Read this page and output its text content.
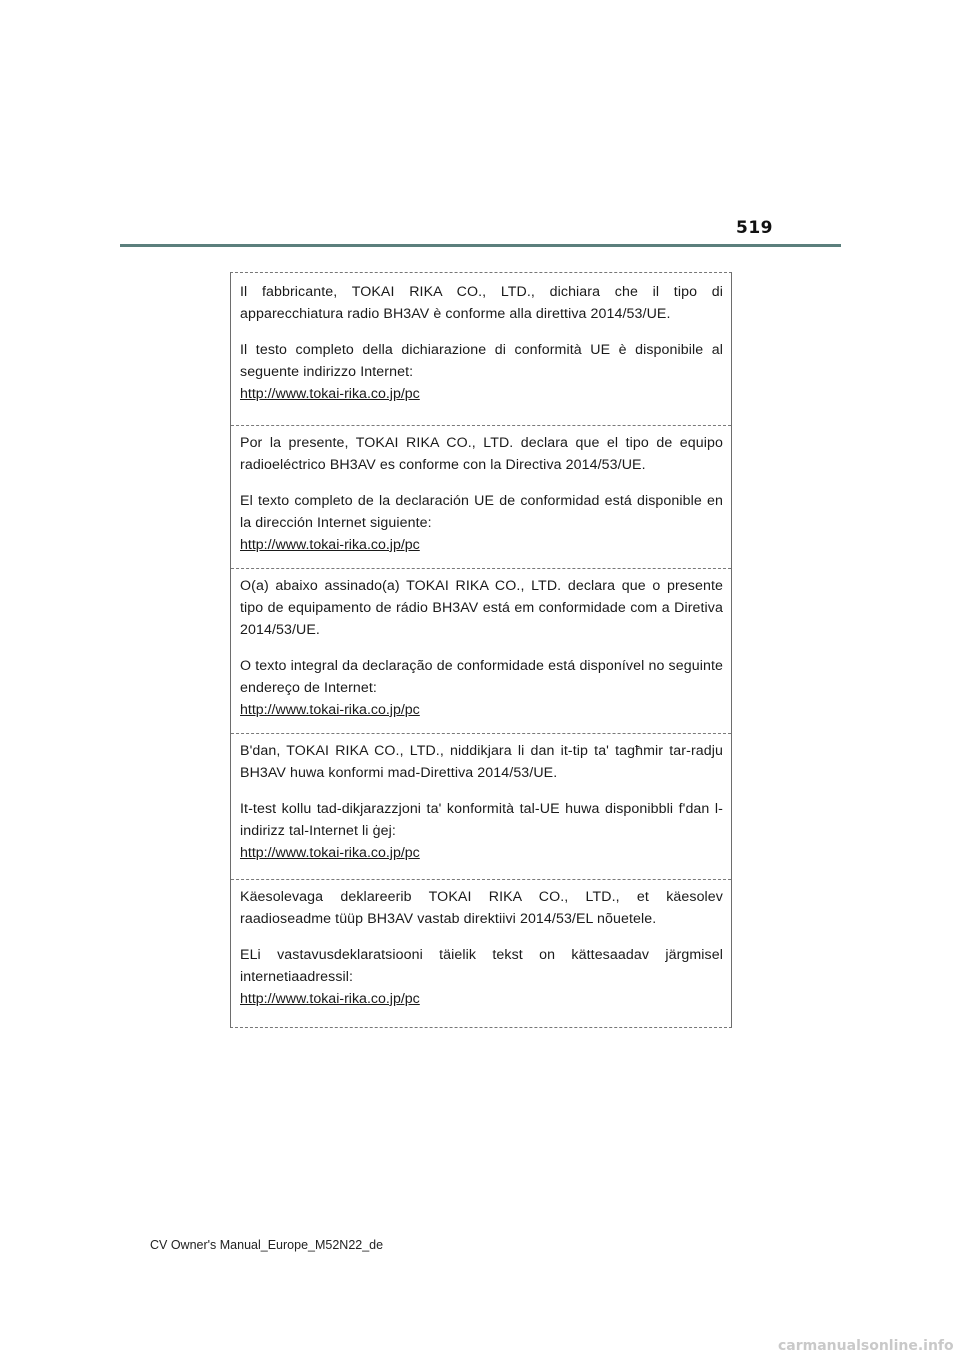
519

Il fabbricante, TOKAI RIKA CO., LTD., dichiara che il tipo di apparecchiatura radio BH3AV è conforme alla direttiva 2014/53/UE.

Il testo completo della dichiarazione di conformità UE è disponibile al seguente indirizzo Internet:

http://www.tokai-rika.co.jp/pc

Por la presente, TOKAI RIKA CO., LTD. declara que el tipo de equipo radioeléctrico BH3AV es conforme con la Directiva 2014/53/UE.

El texto completo de la declaración UE de conformidad está disponible en la dirección Internet siguiente:

http://www.tokai-rika.co.jp/pc

O(a) abaixo assinado(a) TOKAI RIKA CO., LTD. declara que o presente tipo de equipamento de rádio BH3AV está em conformidade com a Diretiva 2014/53/UE.

O texto integral da declaração de conformidade está disponível no seguinte endereço de Internet:

http://www.tokai-rika.co.jp/pc

B'dan, TOKAI RIKA CO., LTD., niddikjara li dan it-tip ta' tagħmir tar-radju BH3AV huwa konformi mad-Direttiva 2014/53/UE.

It-test kollu tad-dikjarazzjoni ta' konformità tal-UE huwa disponibbli f'dan l-indirizz tal-Internet li ġej:

http://www.tokai-rika.co.jp/pc

Käesolevaga deklareerib TOKAI RIKA CO., LTD., et käesolev raadioseadme tüüp BH3AV vastab direktiivi 2014/53/EL nõuetele.

ELi vastavusdeklaratsiooni täielik tekst on kättesaadav järgmisel internetiaadressil:

http://www.tokai-rika.co.jp/pc
CV Owner's Manual_Europe_M52N22_de
carmanualsonline.info
